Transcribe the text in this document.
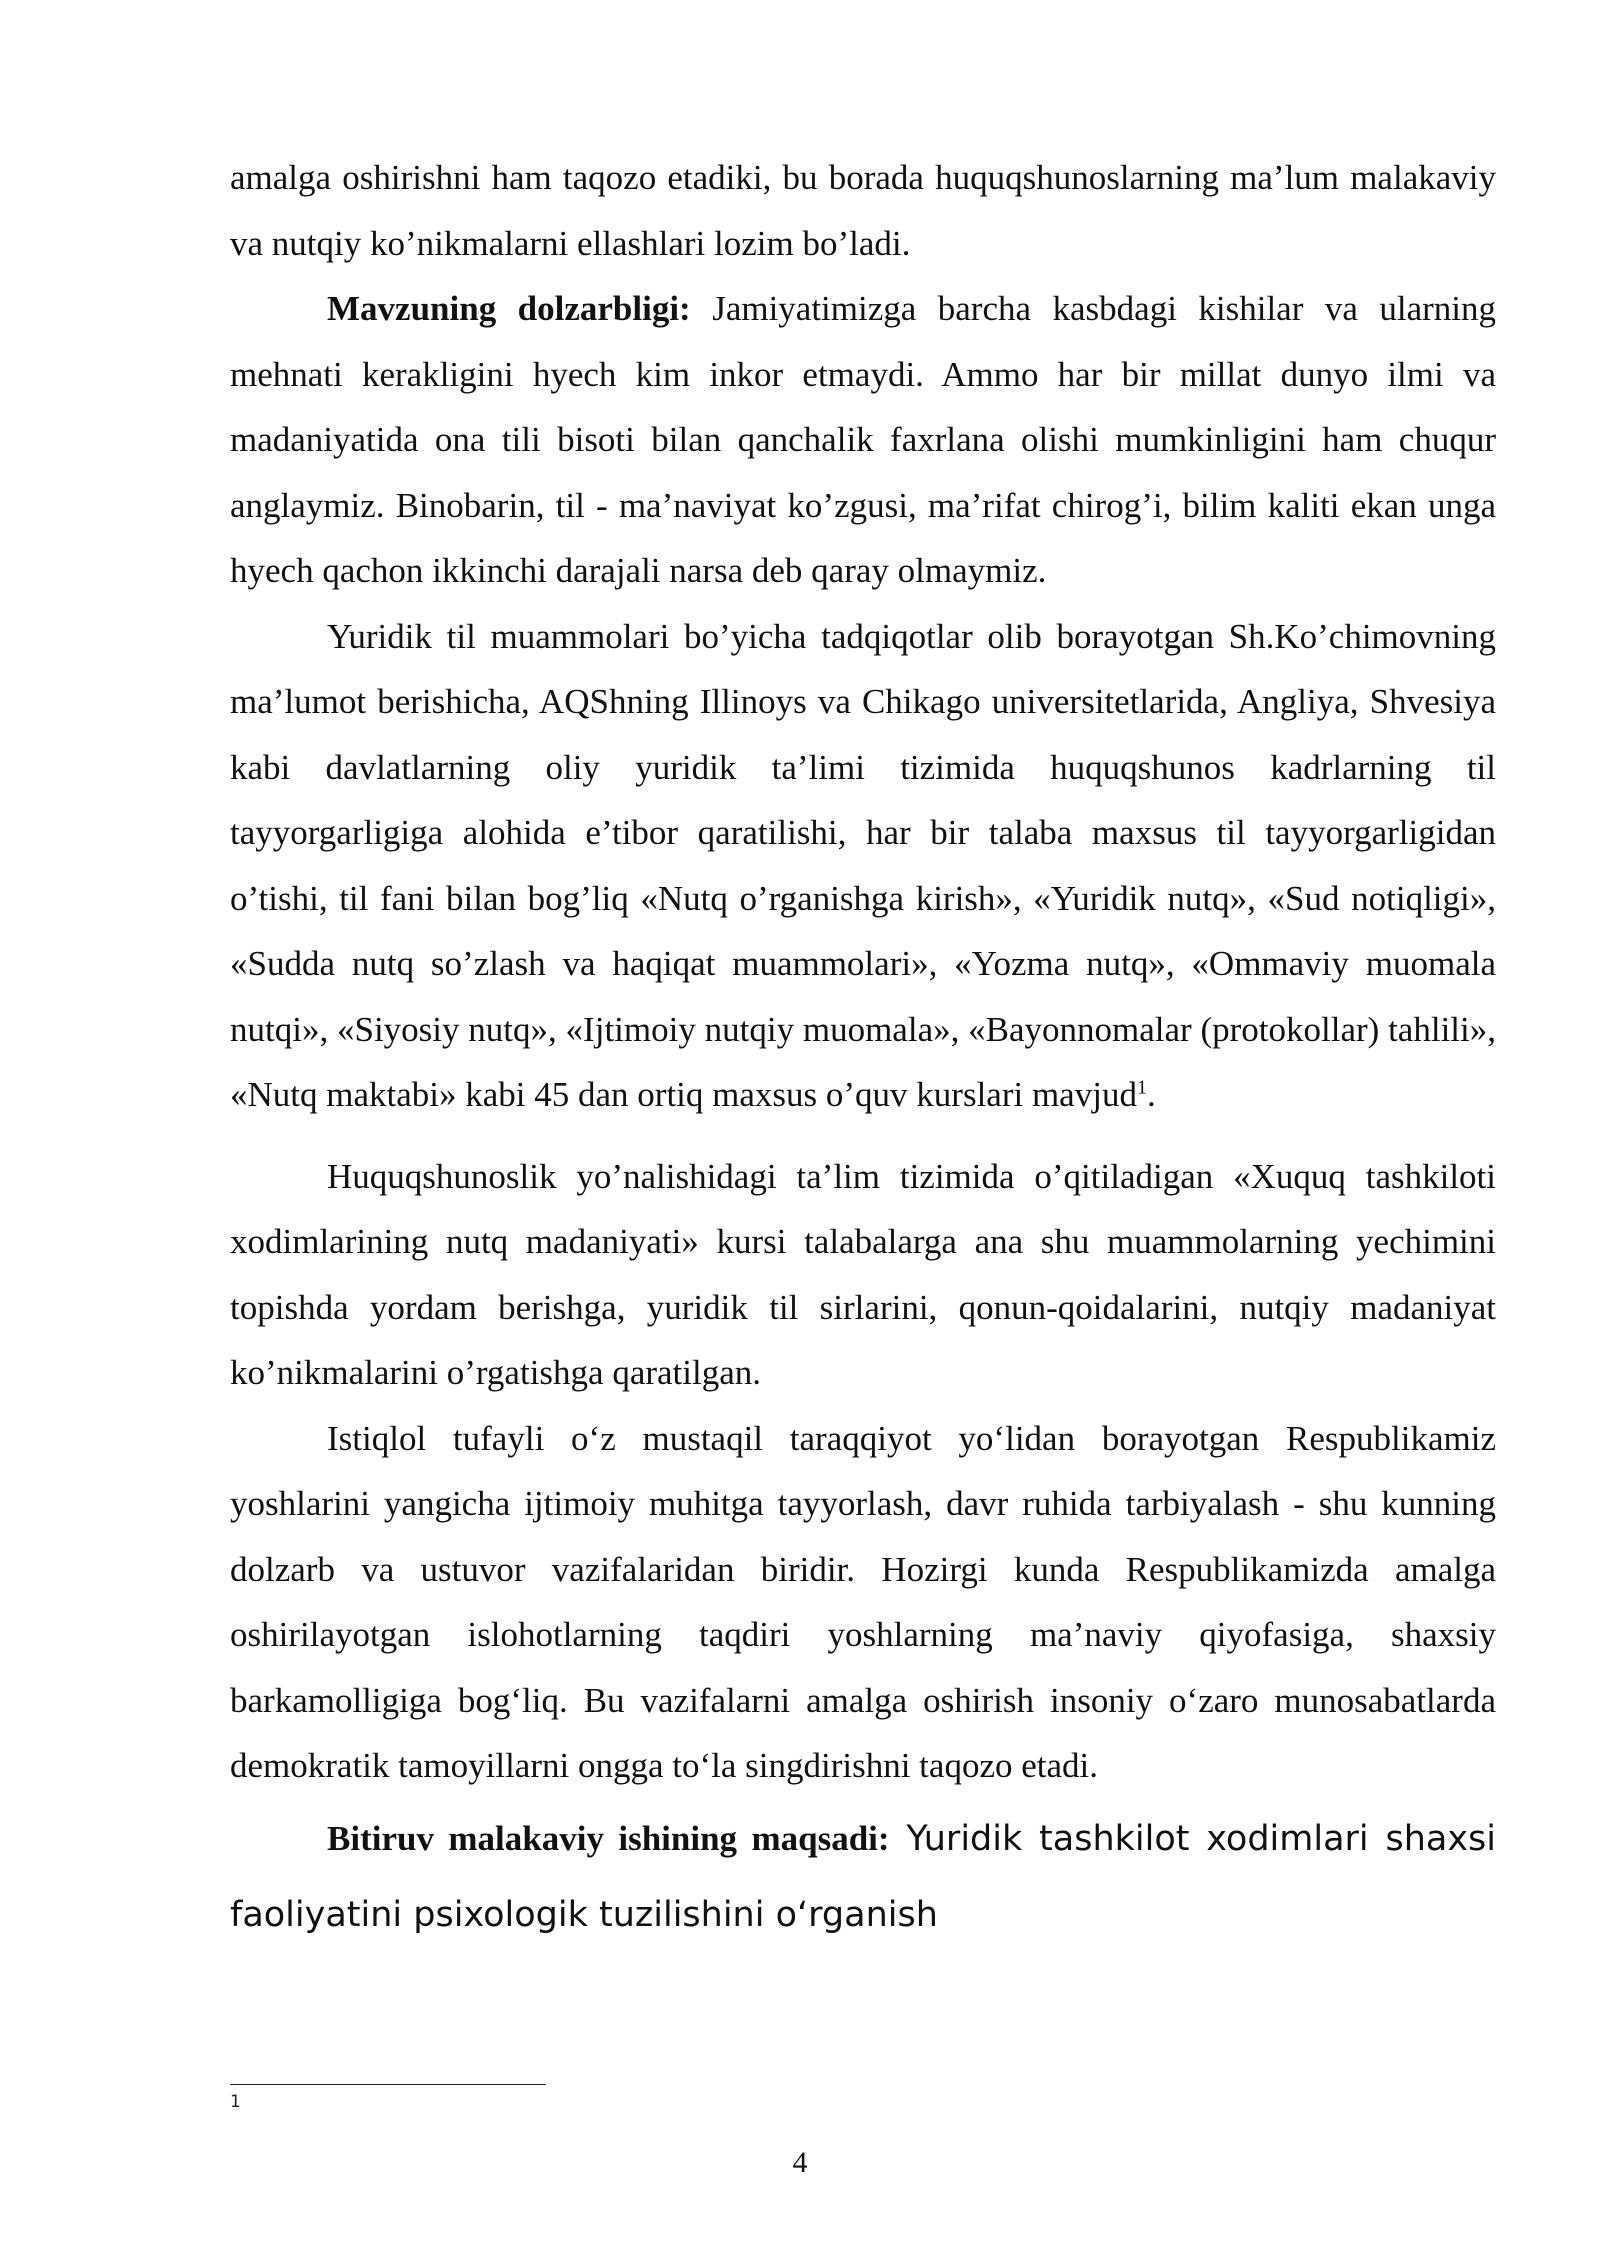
amalga oshirishni ham taqozo etadiki, bu borada huquqshunoslarning ma’lum malakaviy va nutqiy ko’nikmalarni ellashlari lozim bo’ladi.

Mavzuning dolzarbligi: Jamiyatimizga barcha kasbdagi kishilar va ularning mehnati kerakligini hyech kim inkor etmaydi. Ammo har bir millat dunyo ilmi va madaniyatida ona tili bisoti bilan qanchalik faxrlana olishi mumkinligini ham chuqur anglaymiz. Binobarin, til - ma’naviyat ko’zgusi, ma’rifat chirog’i, bilim kaliti ekan unga hyech qachon ikkinchi darajali narsa deb qaray olmaymiz.

Yuridik til muammolari bo’yicha tadqiqotlar olib borayotgan Sh.Ko’chimovning ma’lumot berishicha, AQShning Illinoys va Chikago universitetlarida, Angliya, Shvesiya kabi davlatlarning oliy yuridik ta’limi tizimida huquqshunos kadrlarning til tayyorgarligiga alohida e’tibor qaratilishi, har bir talaba maxsus til tayyorgarligidan o’tishi, til fani bilan bog’liq «Nutq o’rganishga kirish», «Yuridik nutq», «Sud notiqligi», «Sudda nutq so’zlash va haqiqat muammolari», «Yozma nutq», «Ommaviy muomala nutqi», «Siyosiy nutq», «Ijtimoiy nutqiy muomala», «Bayonnomalar (protokollar) tahlili», «Nutq maktabi» kabi 45 dan ortiq maxsus o’quv kurslari mavjud$^1$.

Huquqshunoslik yo’nalishidagi ta’lim tizimida o’qitiladigan «Xuquq tashkiloti xodimlarining nutq madaniyati» kursi talabalarga ana shu muammolarning yechimini topishda yordam berishga, yuridik til sirlarini, qonun-qoidalarini, nutqiy madaniyat ko’nikmalarini o’rgatishga qaratilgan.

Istiqlol tufayli o‘z mustaqil taraqqiyot yo‘lidan borayotgan Respublikamiz yoshlarini yangicha ijtimoiy muhitga tayyorlash, davr ruhida tarbiyalash - shu kunning dolzarb va ustuvor vazifalaridan biridir. Hozirgi kunda Respublikamizda amalga oshirilayotgan islohotlarning taqdiri yoshlarning ma’naviy qiyofasiga, shaxsiy barkamolligiga bog‘liq. Bu vazifalarni amalga oshirish insoniy o‘zaro munosabatlarda demokratik tamoyillarni ongga to‘la singdirishni taqozo etadi.

Bitiruv malakaviy ishining maqsadi: Yuridik tashkilot xodimlari shaxsi faoliyatini psixologik tuzilishini o‘rganish

1
4
